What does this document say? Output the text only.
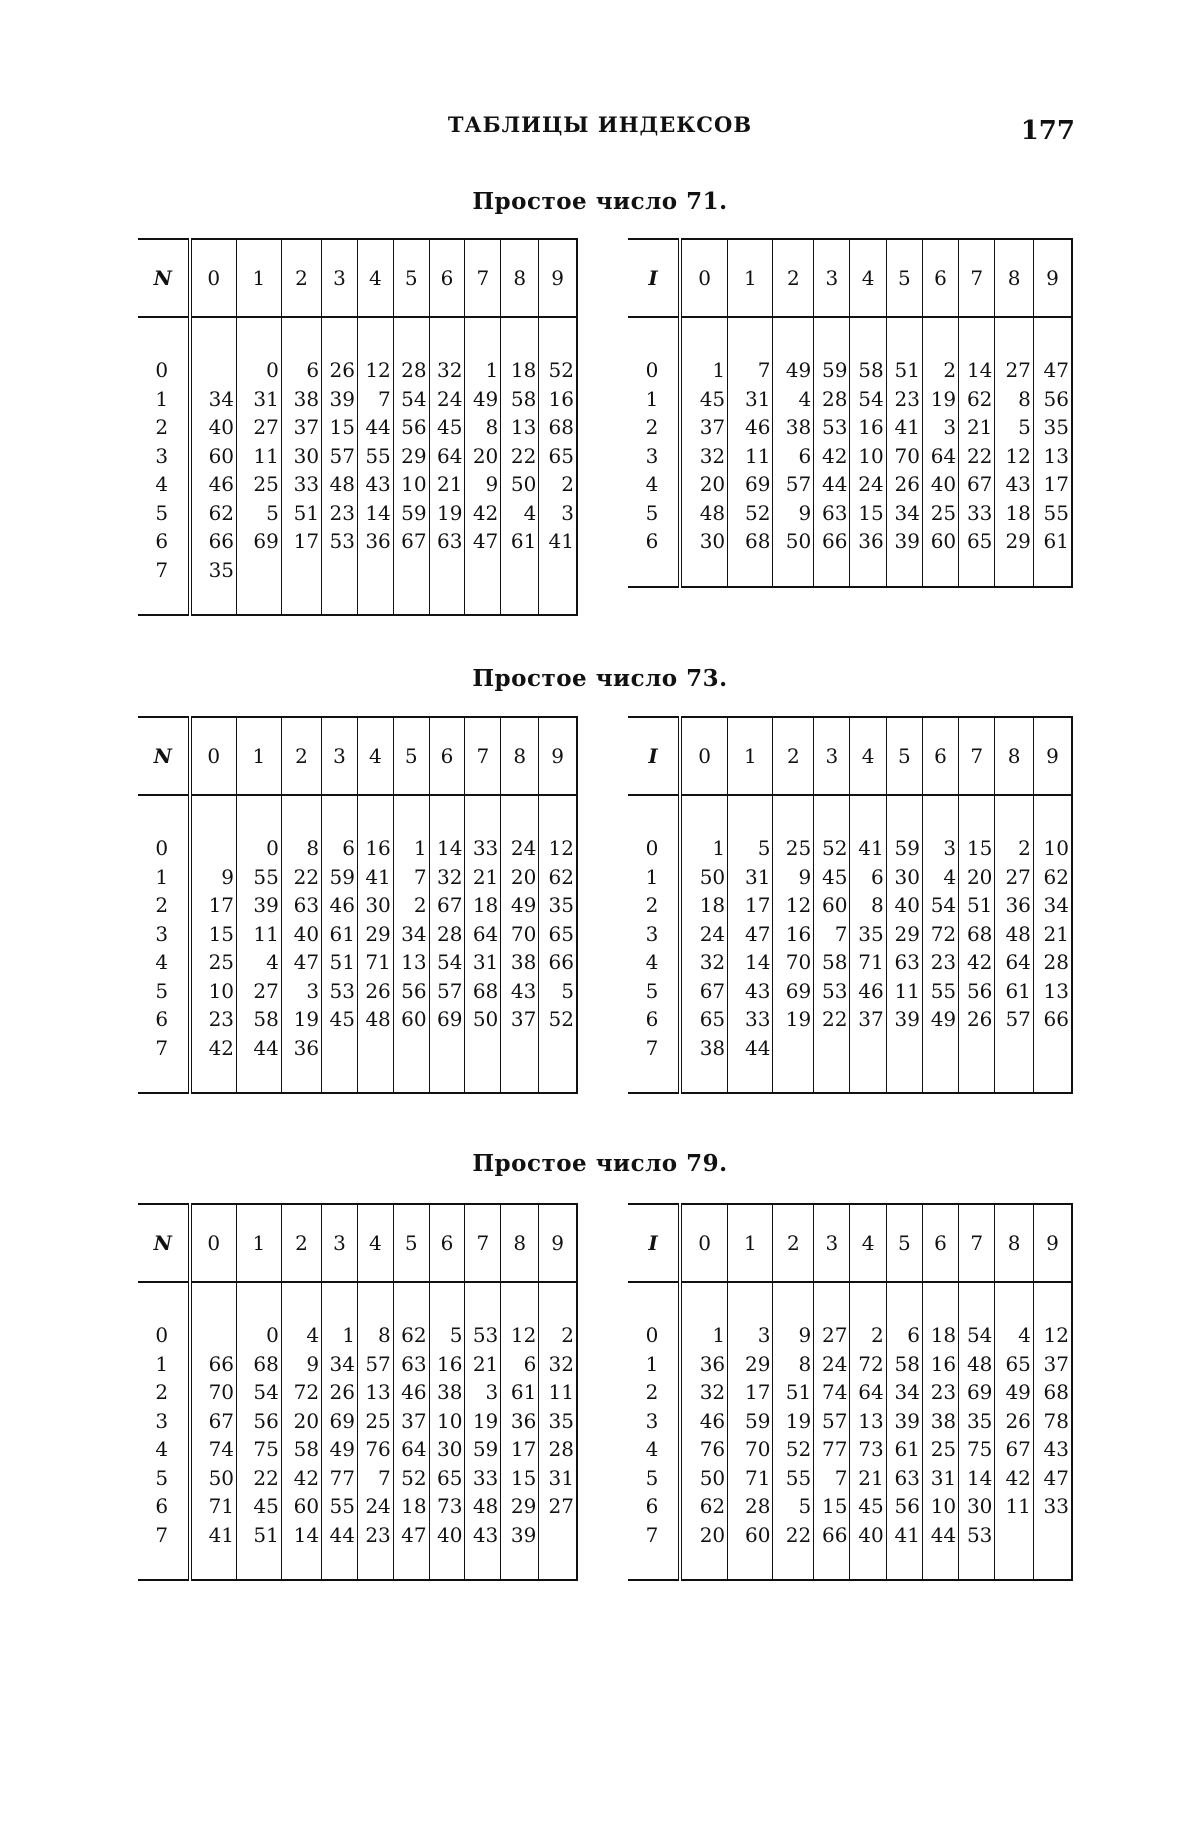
ТАБЛИЦЫ ИНДЕКСОВ	177
Простое число 71.
N	0	1	2	3	4	5	6	7	8	9

0		0	6	26	12	28	32	1	18	52
1	34	31	38	39	7	54	24	49	58	16
2	40	27	37	15	44	56	45	8	13	68
3	60	11	30	57	55	29	64	20	22	65
4	46	25	33	48	43	10	21	9	50	2
5	62	5	51	23	14	59	19	42	4	3
6	66	69	17	53	36	67	63	47	61	41
7	35									

I	0	1	2	3	4	5	6	7	8	9

0	1	7	49	59	58	51	2	14	27	47
1	45	31	4	28	54	23	19	62	8	56
2	37	46	38	53	16	41	3	21	5	35
3	32	11	6	42	10	70	64	22	12	13
4	20	69	57	44	24	26	40	67	43	17
5	48	52	9	63	15	34	25	33	18	55
6	30	68	50	66	36	39	60	65	29	61

Простое число 73.
N	0	1	2	3	4	5	6	7	8	9

0		0	8	6	16	1	14	33	24	12
1	9	55	22	59	41	7	32	21	20	62
2	17	39	63	46	30	2	67	18	49	35
3	15	11	40	61	29	34	28	64	70	65
4	25	4	47	51	71	13	54	31	38	66
5	10	27	3	53	26	56	57	68	43	5
6	23	58	19	45	48	60	69	50	37	52
7	42	44	36							

I	0	1	2	3	4	5	6	7	8	9

0	1	5	25	52	41	59	3	15	2	10
1	50	31	9	45	6	30	4	20	27	62
2	18	17	12	60	8	40	54	51	36	34
3	24	47	16	7	35	29	72	68	48	21
4	32	14	70	58	71	63	23	42	64	28
5	67	43	69	53	46	11	55	56	61	13
6	65	33	19	22	37	39	49	26	57	66
7	38	44								

Простое число 79.
N	0	1	2	3	4	5	6	7	8	9

0		0	4	1	8	62	5	53	12	2
1	66	68	9	34	57	63	16	21	6	32
2	70	54	72	26	13	46	38	3	61	11
3	67	56	20	69	25	37	10	19	36	35
4	74	75	58	49	76	64	30	59	17	28
5	50	22	42	77	7	52	65	33	15	31
6	71	45	60	55	24	18	73	48	29	27
7	41	51	14	44	23	47	40	43	39	

I	0	1	2	3	4	5	6	7	8	9

0	1	3	9	27	2	6	18	54	4	12
1	36	29	8	24	72	58	16	48	65	37
2	32	17	51	74	64	34	23	69	49	68
3	46	59	19	57	13	39	38	35	26	78
4	76	70	52	77	73	61	25	75	67	43
5	50	71	55	7	21	63	31	14	42	47
6	62	28	5	15	45	56	10	30	11	33
7	20	60	22	66	40	41	44	53		
